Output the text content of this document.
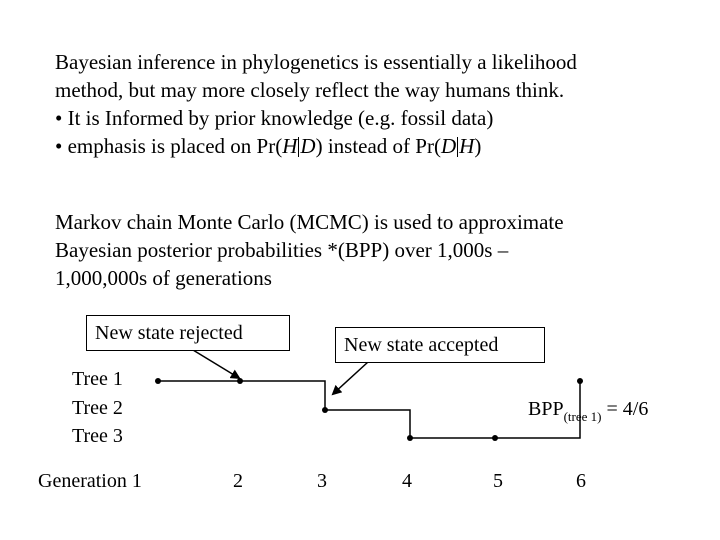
Bayesian inference in phylogenetics is essentially a likelihood
method, but may more closely reflect the way humans think.
• It is Informed by prior knowledge (e.g. fossil data)
• emphasis is placed on Pr(H D) instead of Pr(D H)
Markov chain Monte Carlo (MCMC) is used to approximate
Bayesian posterior probabilities *(BPP) over 1,000s –
1,000,000s of generations
New state rejected
New state accepted
Tree 1
Tree 2
Tree 3
Generation 1	2	3	4	5	6
$BPP_{(tree 1)} = 4/6$
